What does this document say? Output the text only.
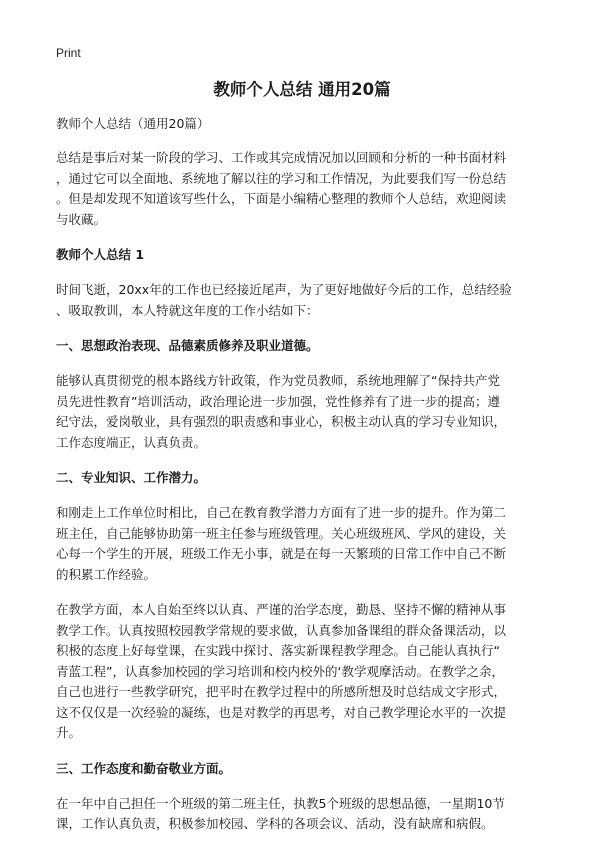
Print
教师个人总结 通用20篇
教师个人总结（通用20篇）
总结是事后对某一阶段的学习、工作或其完成情况加以回顾和分析的一种书面材料
，通过它可以全面地、系统地了解以往的学习和工作情况，为此要我们写一份总结
。但是却发现不知道该写些什么，下面是小编精心整理的教师个人总结，欢迎阅读
与收藏。
教师个人总结 1
时间飞逝，20xx年的工作也已经接近尾声，为了更好地做好今后的工作，总结经验
、吸取教训，本人特就这年度的工作小结如下：
一、思想政治表现、品德素质修养及职业道德。
能够认真贯彻党的根本路线方针政策，作为党员教师，系统地理解了“保持共产党
员先进性教育”培训活动，政治理论进一步加强，党性修养有了进一步的提高；遵
纪守法，爱岗敬业，具有强烈的职责感和事业心，积极主动认真的学习专业知识，
工作态度端正，认真负责。
二、专业知识、工作潜力。
和刚走上工作单位时相比，自己在教育教学潜力方面有了进一步的提升。作为第二
班主任，自己能够协助第一班主任参与班级管理。关心班级班风、学风的建设，关
心每一个学生的开展，班级工作无小事，就是在每一天繁琐的日常工作中自己不断
的积累工作经验。
在教学方面，本人自始至终以认真、严谨的治学态度，勤恳、坚持不懈的精神从事
教学工作。认真按照校园教学常规的要求做，认真参加备课组的群众备课活动，以
积极的态度上好每堂课，在实践中探讨、落实新课程教学理念。自己能认真执行“
青蓝工程”，认真参加校园的学习培训和校内校外的‘教学观摩活动。在教学之余，
自己也进行一些教学研究，把平时在教学过程中的所感所想及时总结成文字形式，
这不仅仅是一次经验的凝练，也是对教学的再思考，对自己教学理论水平的一次提
升。
三、工作态度和勤奋敬业方面。
在一年中自己担任一个班级的第二班主任，执教5个班级的思想品德，一星期10节
课，工作认真负责，积极参加校园、学科的各项会议、活动，没有缺席和病假。
